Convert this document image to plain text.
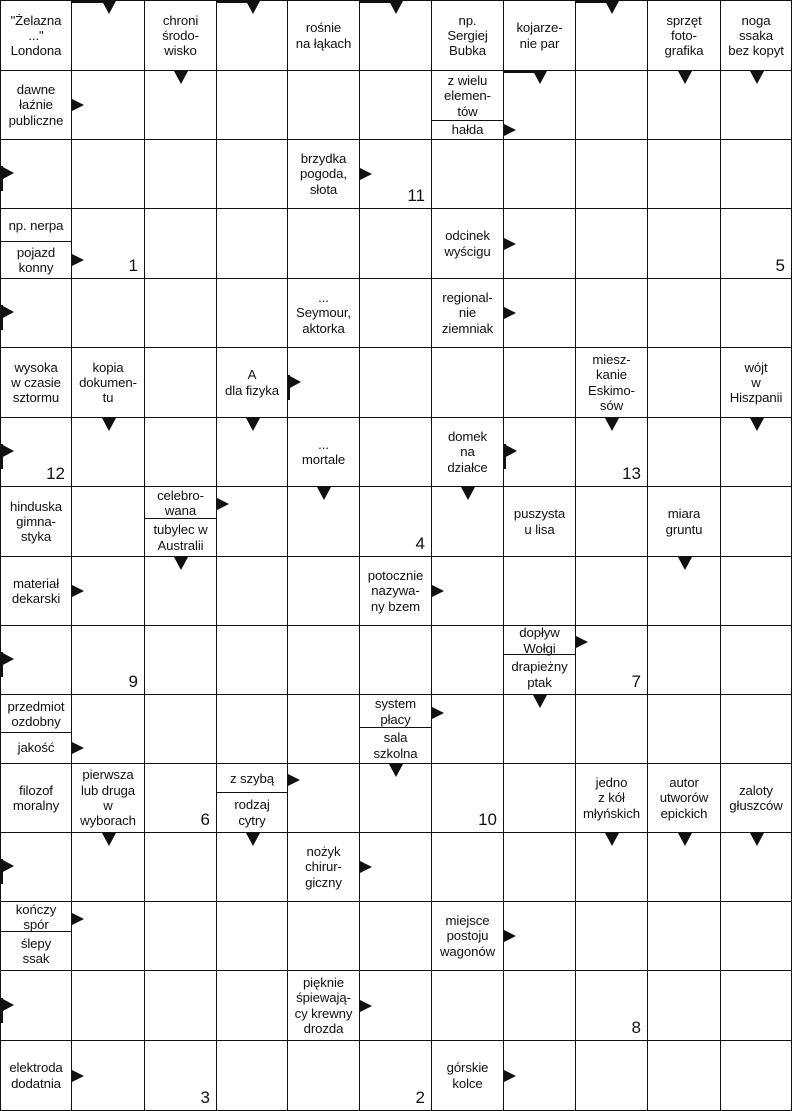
"Żelazna
..."
Londona
chroni
środo-
wisko
rośnie
na łąkach
np.
Sergiej
Bubka
kojarze-
nie par
sprzęt
foto-
grafika
noga
ssaka
bez kopyt
dawne
łaźnie
publiczne
z wielu
elemen-
tów
hałda
brzydka
pogoda,
słota	11
np. nerpa
pojazd
konny	1
odcinek
wyścigu
5
...
Seymour,
aktorka
regional-
nie
ziemniak
wysoka
w czasie
sztormu
kopia
dokumen-
tu
A
dla fizyka
miesz-
kanie
Eskimo-
sów
wójt
w
Hiszpanii
12
...
mortale
domek
na
działce	13
hinduska
gimna-
styka
celebro-
wana
tubylec w
Australii	4
puszysta
u lisa
miara
gruntu
materiał
dekarski
potocznie
nazywa-
ny bzem
9
dopływ
Wołgi
drapieżny
ptak	7
przedmiot
ozdobny
jakość
system
płacy
sala
szkolna
filozof
moralny
pierwsza
lub druga
w
wyborach	6
z szybą
rodzaj
cytry	10
jedno
z kół
młyńskich
autor
utworów
epickich
zaloty
głuszców
nożyk
chirur-
giczny
kończy
spór
ślepy
ssak
miejsce
postoju
wagonów
pięknie
śpiewają-
cy krewny
drozda	8
elektroda
dodatnia
3	2
górskie
kolce
